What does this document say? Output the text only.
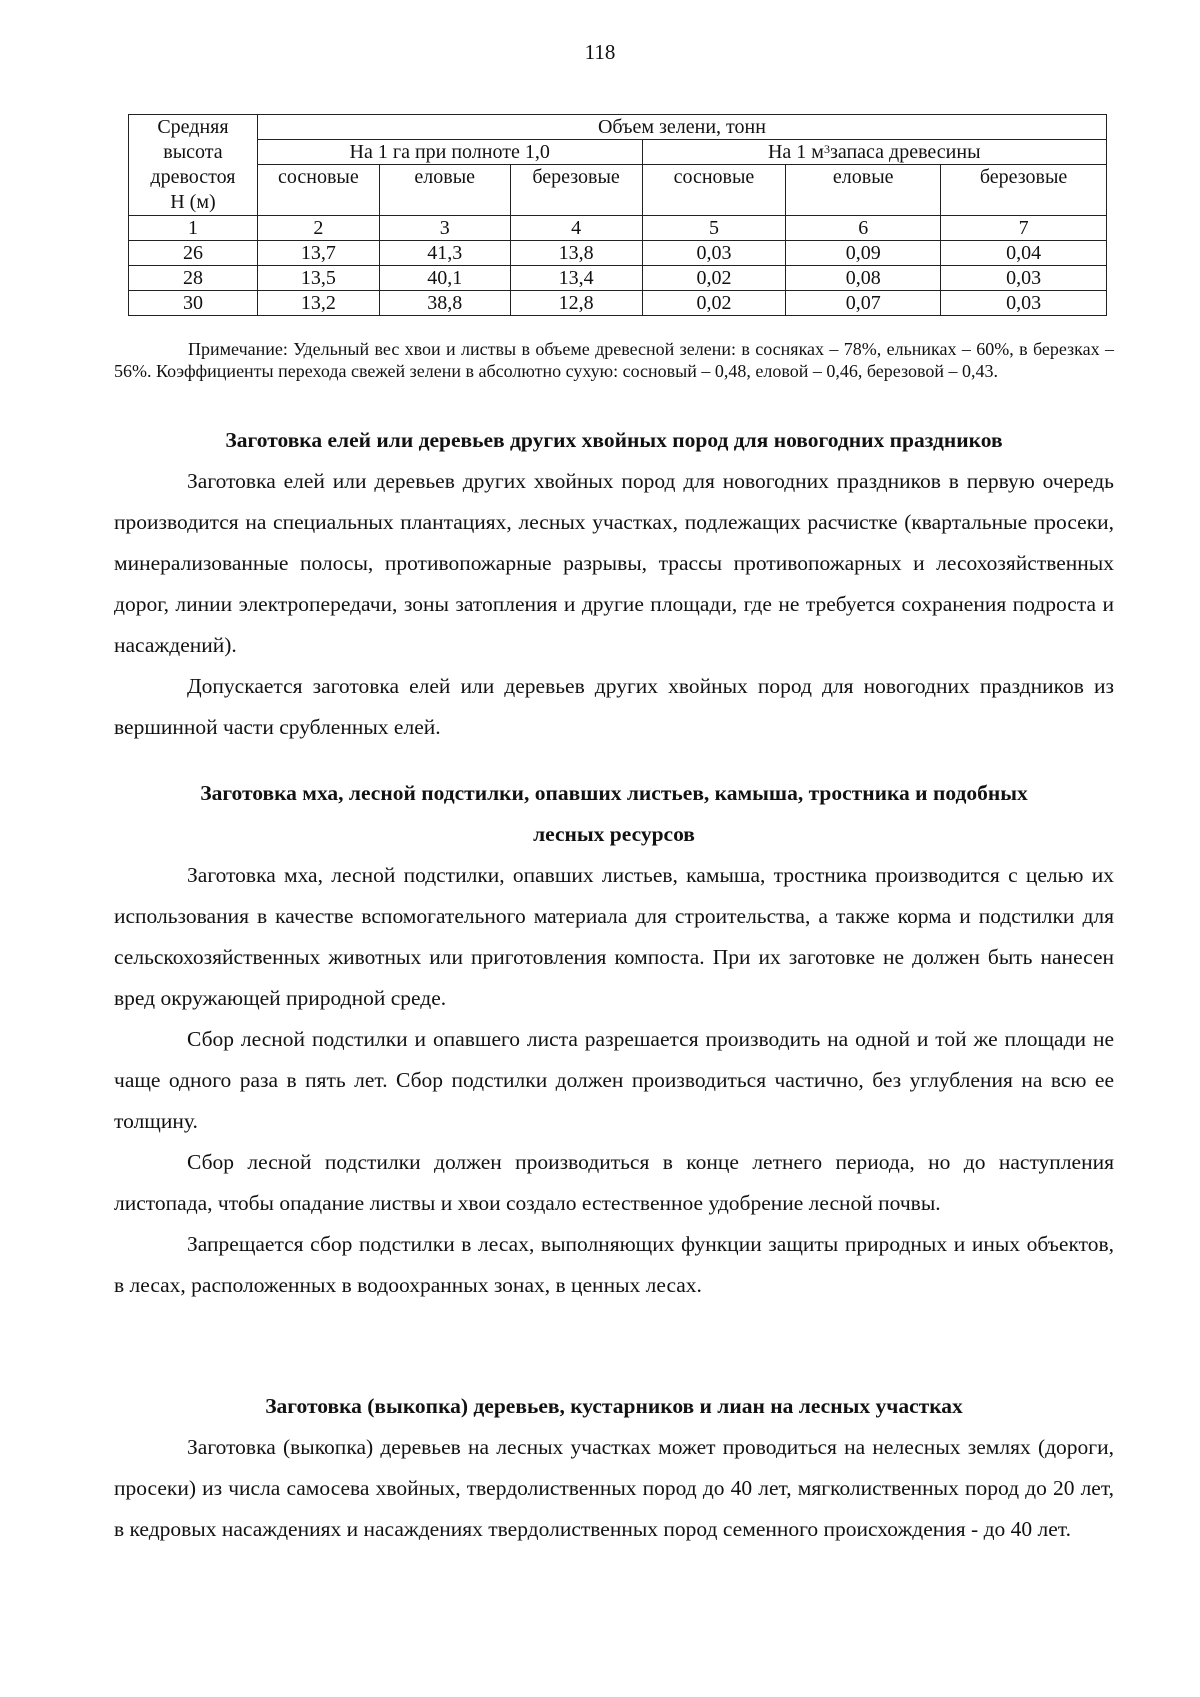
118
Средняя
высота
древостоя
Н (м)	Объем зелени, тонн					
	На 1 га при полноте 1,0			На 1 $м^3запаса$ древесины		
	сосновые	еловые	березовые	сосновые	еловые	березовые

1	2	3	4	5	6	7
26	13,7	41,3	13,8	0,03	0,09	0,04
28	13,5	40,1	13,4	0,02	0,08	0,03
30	13,2	38,8	12,8	0,02	0,07	0,03
Примечание: Удельный вес хвои и листвы в объеме древесной зелени: в сосняках – 78%, ельниках – 60%, в березках – 56%. Коэффициенты перехода свежей зелени в абсолютно сухую: сосновый – 0,48, еловой – 0,46, березовой – 0,43.
Заготовка елей или деревьев других хвойных пород для новогодних праздников

Заготовка елей или деревьев других хвойных пород для новогодних праздников в первую очередь производится на специальных плантациях, лесных участках, подлежащих расчистке (квартальные просеки, минерализованные полосы, противопожарные разрывы, трассы противопожарных и лесохозяйственных дорог, линии электропередачи, зоны затопления и другие площади, где не требуется сохранения подроста и насаждений).

Допускается заготовка елей или деревьев других хвойных пород для новогодних праздников из вершинной части срубленных елей.

Заготовка мха, лесной подстилки, опавших листьев, камыша, тростника и подобных
лесных ресурсов

Заготовка мха, лесной подстилки, опавших листьев, камыша, тростника производится с целью их использования в качестве вспомогательного материала для строительства, а также корма и подстилки для сельскохозяйственных животных или приготовления компоста. При их заготовке не должен быть нанесен вред окружающей природной среде.

Сбор лесной подстилки и опавшего листа разрешается производить на одной и той же площади не чаще одного раза в пять лет. Сбор подстилки должен производиться частично, без углубления на всю ее толщину.

Сбор лесной подстилки должен производиться в конце летнего периода, но до наступления листопада, чтобы опадание листвы и хвои создало естественное удобрение лесной почвы.

Запрещается сбор подстилки в лесах, выполняющих функции защиты природных и иных объектов, в лесах, расположенных в водоохранных зонах, в ценных лесах.

Заготовка (выкопка) деревьев, кустарников и лиан на лесных участках

Заготовка (выкопка) деревьев на лесных участках может проводиться на нелесных землях (дороги, просеки) из числа самосева хвойных, твердолиственных пород до 40 лет, мягколиственных пород до 20 лет, в кедровых насаждениях и насаждениях твердолиственных пород семенного происхождения - до 40 лет.
